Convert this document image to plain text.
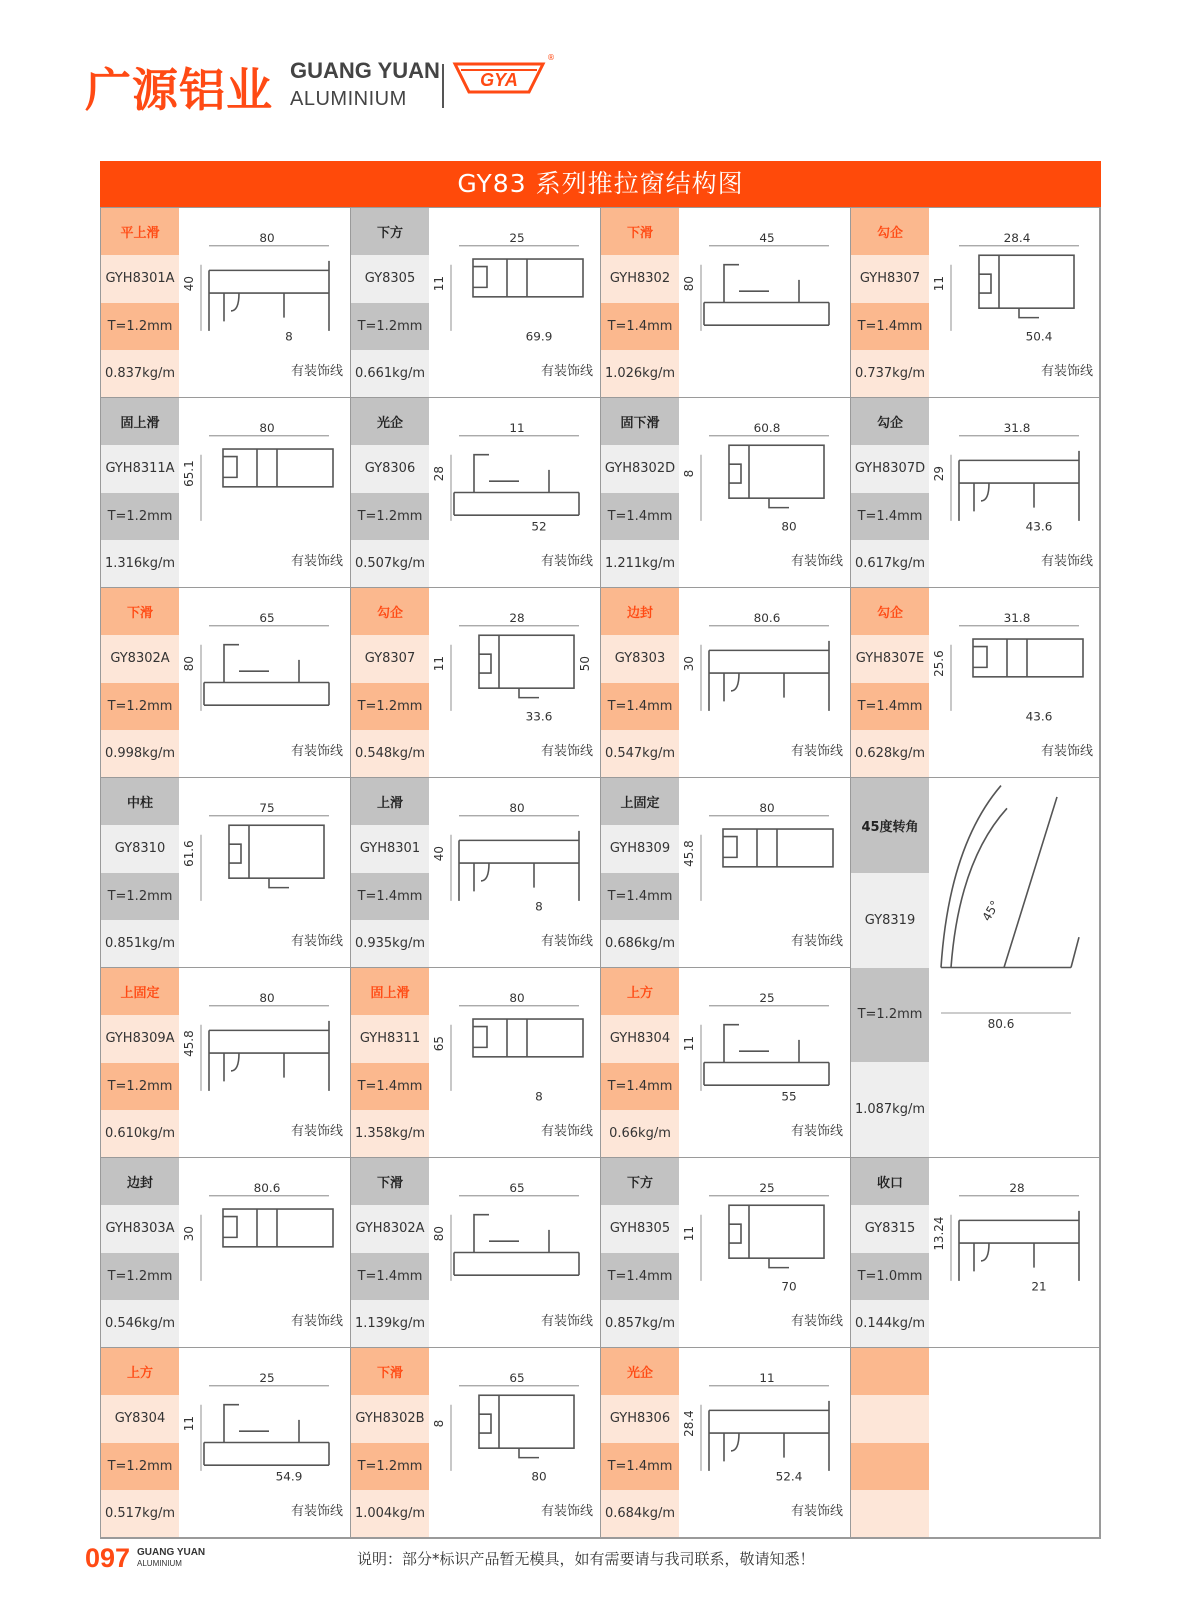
广源铝业 GUANG YUAN
ALUMINIUM
GYA
®
GY83 系列推拉窗结构图
平上滑
GYH8301A
T=1.2mm
0.837kg/m
80
40
8
有装饰线
下方
GY8305
T=1.2mm
0.661kg/m
25
11
69.9
有装饰线
下滑
GYH8302
T=1.4mm
1.026kg/m
45
80
勾企
GYH8307
T=1.4mm
0.737kg/m
28.4
11
50.4
有装饰线
固上滑
GYH8311A
T=1.2mm
1.316kg/m
80
65.1
有装饰线
光企
GY8306
T=1.2mm
0.507kg/m
11
28
52
有装饰线
固下滑
GYH8302D
T=1.4mm
1.211kg/m
60.8
8
80
有装饰线
勾企
GYH8307D
T=1.4mm
0.617kg/m
31.8
29
43.6
有装饰线
下滑
GY8302A
T=1.2mm
0.998kg/m
65
80
有装饰线
勾企
GY8307
T=1.2mm
0.548kg/m
28
11
33.6
50
有装饰线
边封
GY8303
T=1.4mm
0.547kg/m
80.6
30
有装饰线
勾企
GYH8307E
T=1.4mm
0.628kg/m
31.8
25.6
43.6
有装饰线
中柱
GY8310
T=1.2mm
0.851kg/m
75
61.6
有装饰线
上滑
GYH8301
T=1.4mm
0.935kg/m
80
40
8
有装饰线
上固定
GYH8309
T=1.4mm
0.686kg/m
80
45.8
有装饰线
上固定
GYH8309A
T=1.2mm
0.610kg/m
80
45.8
有装饰线
固上滑
GYH8311
T=1.4mm
1.358kg/m
80
65
8
有装饰线
上方
GYH8304
T=1.4mm
0.66kg/m
25
11
55
有装饰线
边封
GYH8303A
T=1.2mm
0.546kg/m
80.6
30
有装饰线
下滑
GYH8302A
T=1.4mm
1.139kg/m
65
80
有装饰线
下方
GYH8305
T=1.4mm
0.857kg/m
25
11
70
有装饰线
收口
GY8315
T=1.0mm
0.144kg/m
28
13.24
21
上方
GY8304
T=1.2mm
0.517kg/m
25
11
54.9
有装饰线
下滑
GYH8302B
T=1.2mm
1.004kg/m
65
8
80
有装饰线
光企
GYH8306
T=1.4mm
0.684kg/m
11
28.4
52.4
有装饰线
45度转角
GY8319
T=1.2mm
1.087kg/m
80.6
45°
097 GUANG YUAN
ALUMINIUM	说明：部分*标识产品暂无模具，如有需要请与我司联系，敬请知悉！
